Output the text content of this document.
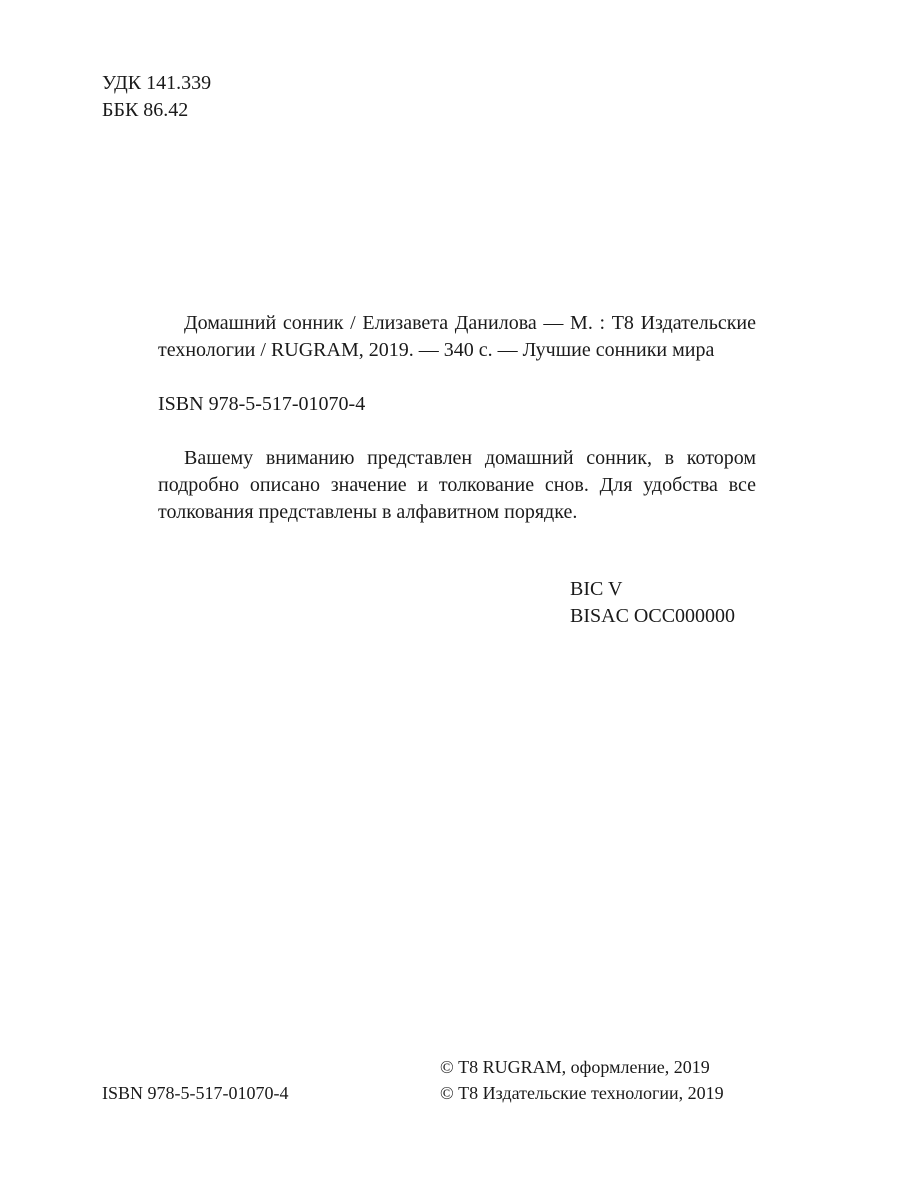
УДК 141.339
ББК 86.42

Домашний сонник / Елизавета Данилова — М. : Т8 Издательские технологии / RUGRAM, 2019. — 340 с. — Лучшие сонники мира

ISBN 978-5-517-01070-4

Вашему вниманию представлен домашний сонник, в котором подробно описано значение и толкование снов. Для удобства все толкования представлены в алфавитном порядке.

BIC V
BISAC OCC000000
ISBN 978-5-517-01070-4
© Т8 RUGRAM, оформление, 2019
© Т8 Издательские технологии, 2019
